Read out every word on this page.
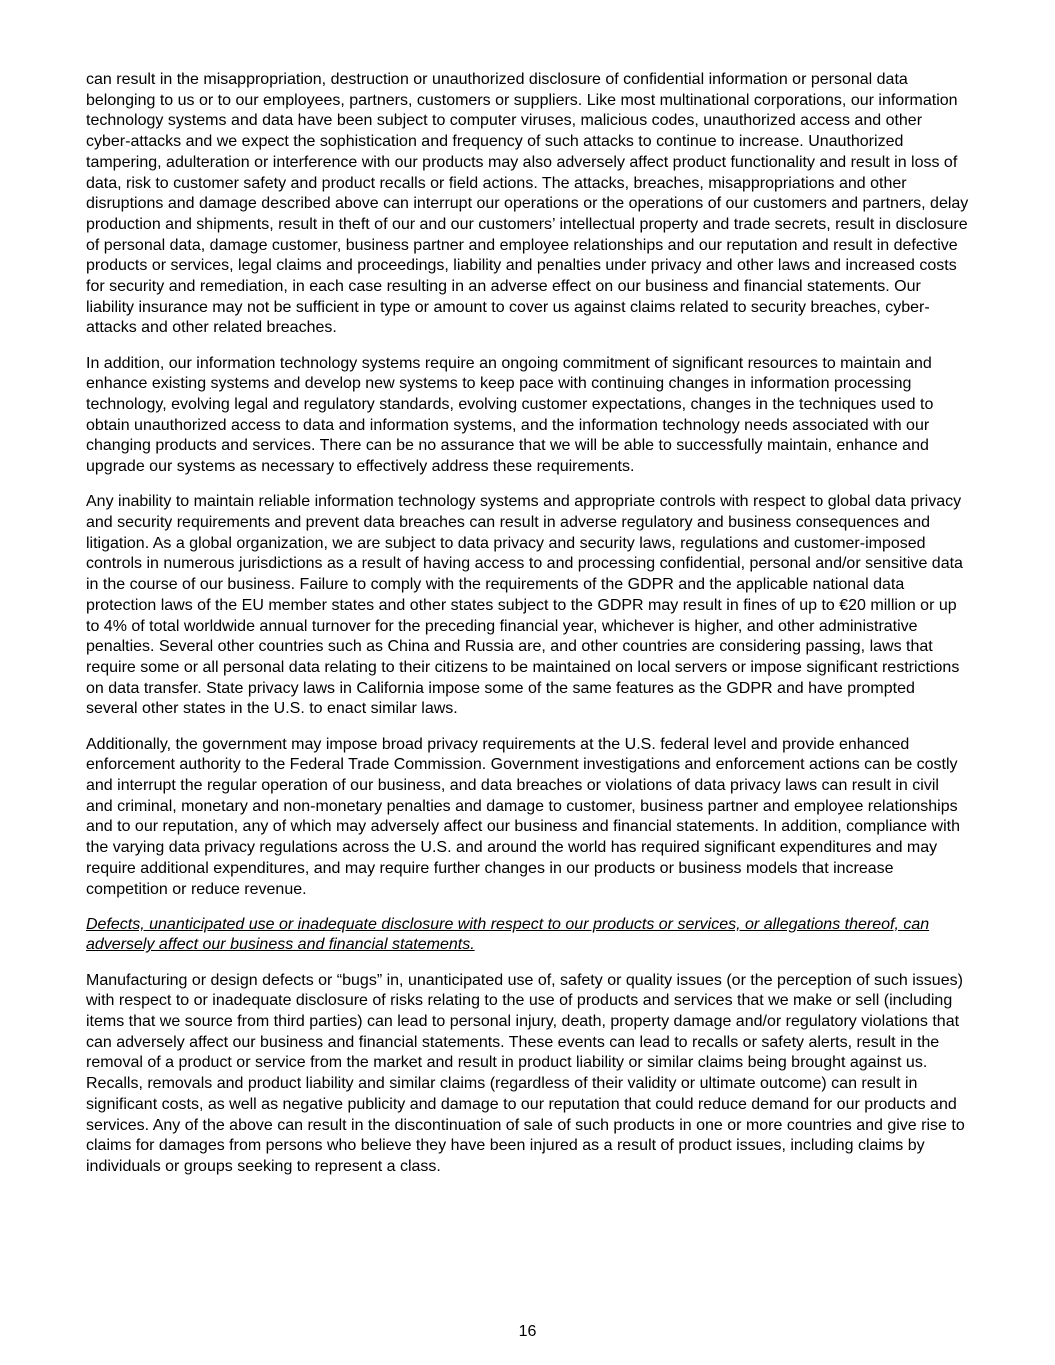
can result in the misappropriation, destruction or unauthorized disclosure of confidential information or personal data belonging to us or to our employees, partners, customers or suppliers. Like most multinational corporations, our information technology systems and data have been subject to computer viruses, malicious codes, unauthorized access and other cyber-attacks and we expect the sophistication and frequency of such attacks to continue to increase. Unauthorized tampering, adulteration or interference with our products may also adversely affect product functionality and result in loss of data, risk to customer safety and product recalls or field actions. The attacks, breaches, misappropriations and other disruptions and damage described above can interrupt our operations or the operations of our customers and partners, delay production and shipments, result in theft of our and our customers’ intellectual property and trade secrets, result in disclosure of personal data, damage customer, business partner and employee relationships and our reputation and result in defective products or services, legal claims and proceedings, liability and penalties under privacy and other laws and increased costs for security and remediation, in each case resulting in an adverse effect on our business and financial statements. Our liability insurance may not be sufficient in type or amount to cover us against claims related to security breaches, cyber-attacks and other related breaches.

In addition, our information technology systems require an ongoing commitment of significant resources to maintain and enhance existing systems and develop new systems to keep pace with continuing changes in information processing technology, evolving legal and regulatory standards, evolving customer expectations, changes in the techniques used to obtain unauthorized access to data and information systems, and the information technology needs associated with our changing products and services. There can be no assurance that we will be able to successfully maintain, enhance and upgrade our systems as necessary to effectively address these requirements.

Any inability to maintain reliable information technology systems and appropriate controls with respect to global data privacy and security requirements and prevent data breaches can result in adverse regulatory and business consequences and litigation. As a global organization, we are subject to data privacy and security laws, regulations and customer-imposed controls in numerous jurisdictions as a result of having access to and processing confidential, personal and/or sensitive data in the course of our business. Failure to comply with the requirements of the GDPR and the applicable national data protection laws of the EU member states and other states subject to the GDPR may result in fines of up to €20 million or up to 4% of total worldwide annual turnover for the preceding financial year, whichever is higher, and other administrative penalties. Several other countries such as China and Russia are, and other countries are considering passing, laws that require some or all personal data relating to their citizens to be maintained on local servers or impose significant restrictions on data transfer. State privacy laws in California impose some of the same features as the GDPR and have prompted several other states in the U.S. to enact similar laws.

Additionally, the government may impose broad privacy requirements at the U.S. federal level and provide enhanced enforcement authority to the Federal Trade Commission. Government investigations and enforcement actions can be costly and interrupt the regular operation of our business, and data breaches or violations of data privacy laws can result in civil and criminal, monetary and non-monetary penalties and damage to customer, business partner and employee relationships and to our reputation, any of which may adversely affect our business and financial statements. In addition, compliance with the varying data privacy regulations across the U.S. and around the world has required significant expenditures and may require additional expenditures, and may require further changes in our products or business models that increase competition or reduce revenue.

Defects, unanticipated use or inadequate disclosure with respect to our products or services, or allegations thereof, can adversely affect our business and financial statements.

Manufacturing or design defects or “bugs” in, unanticipated use of, safety or quality issues (or the perception of such issues) with respect to or inadequate disclosure of risks relating to the use of products and services that we make or sell (including items that we source from third parties) can lead to personal injury, death, property damage and/or regulatory violations that can adversely affect our business and financial statements. These events can lead to recalls or safety alerts, result in the removal of a product or service from the market and result in product liability or similar claims being brought against us. Recalls, removals and product liability and similar claims (regardless of their validity or ultimate outcome) can result in significant costs, as well as negative publicity and damage to our reputation that could reduce demand for our products and services. Any of the above can result in the discontinuation of sale of such products in one or more countries and give rise to claims for damages from persons who believe they have been injured as a result of product issues, including claims by individuals or groups seeking to represent a class.

16
